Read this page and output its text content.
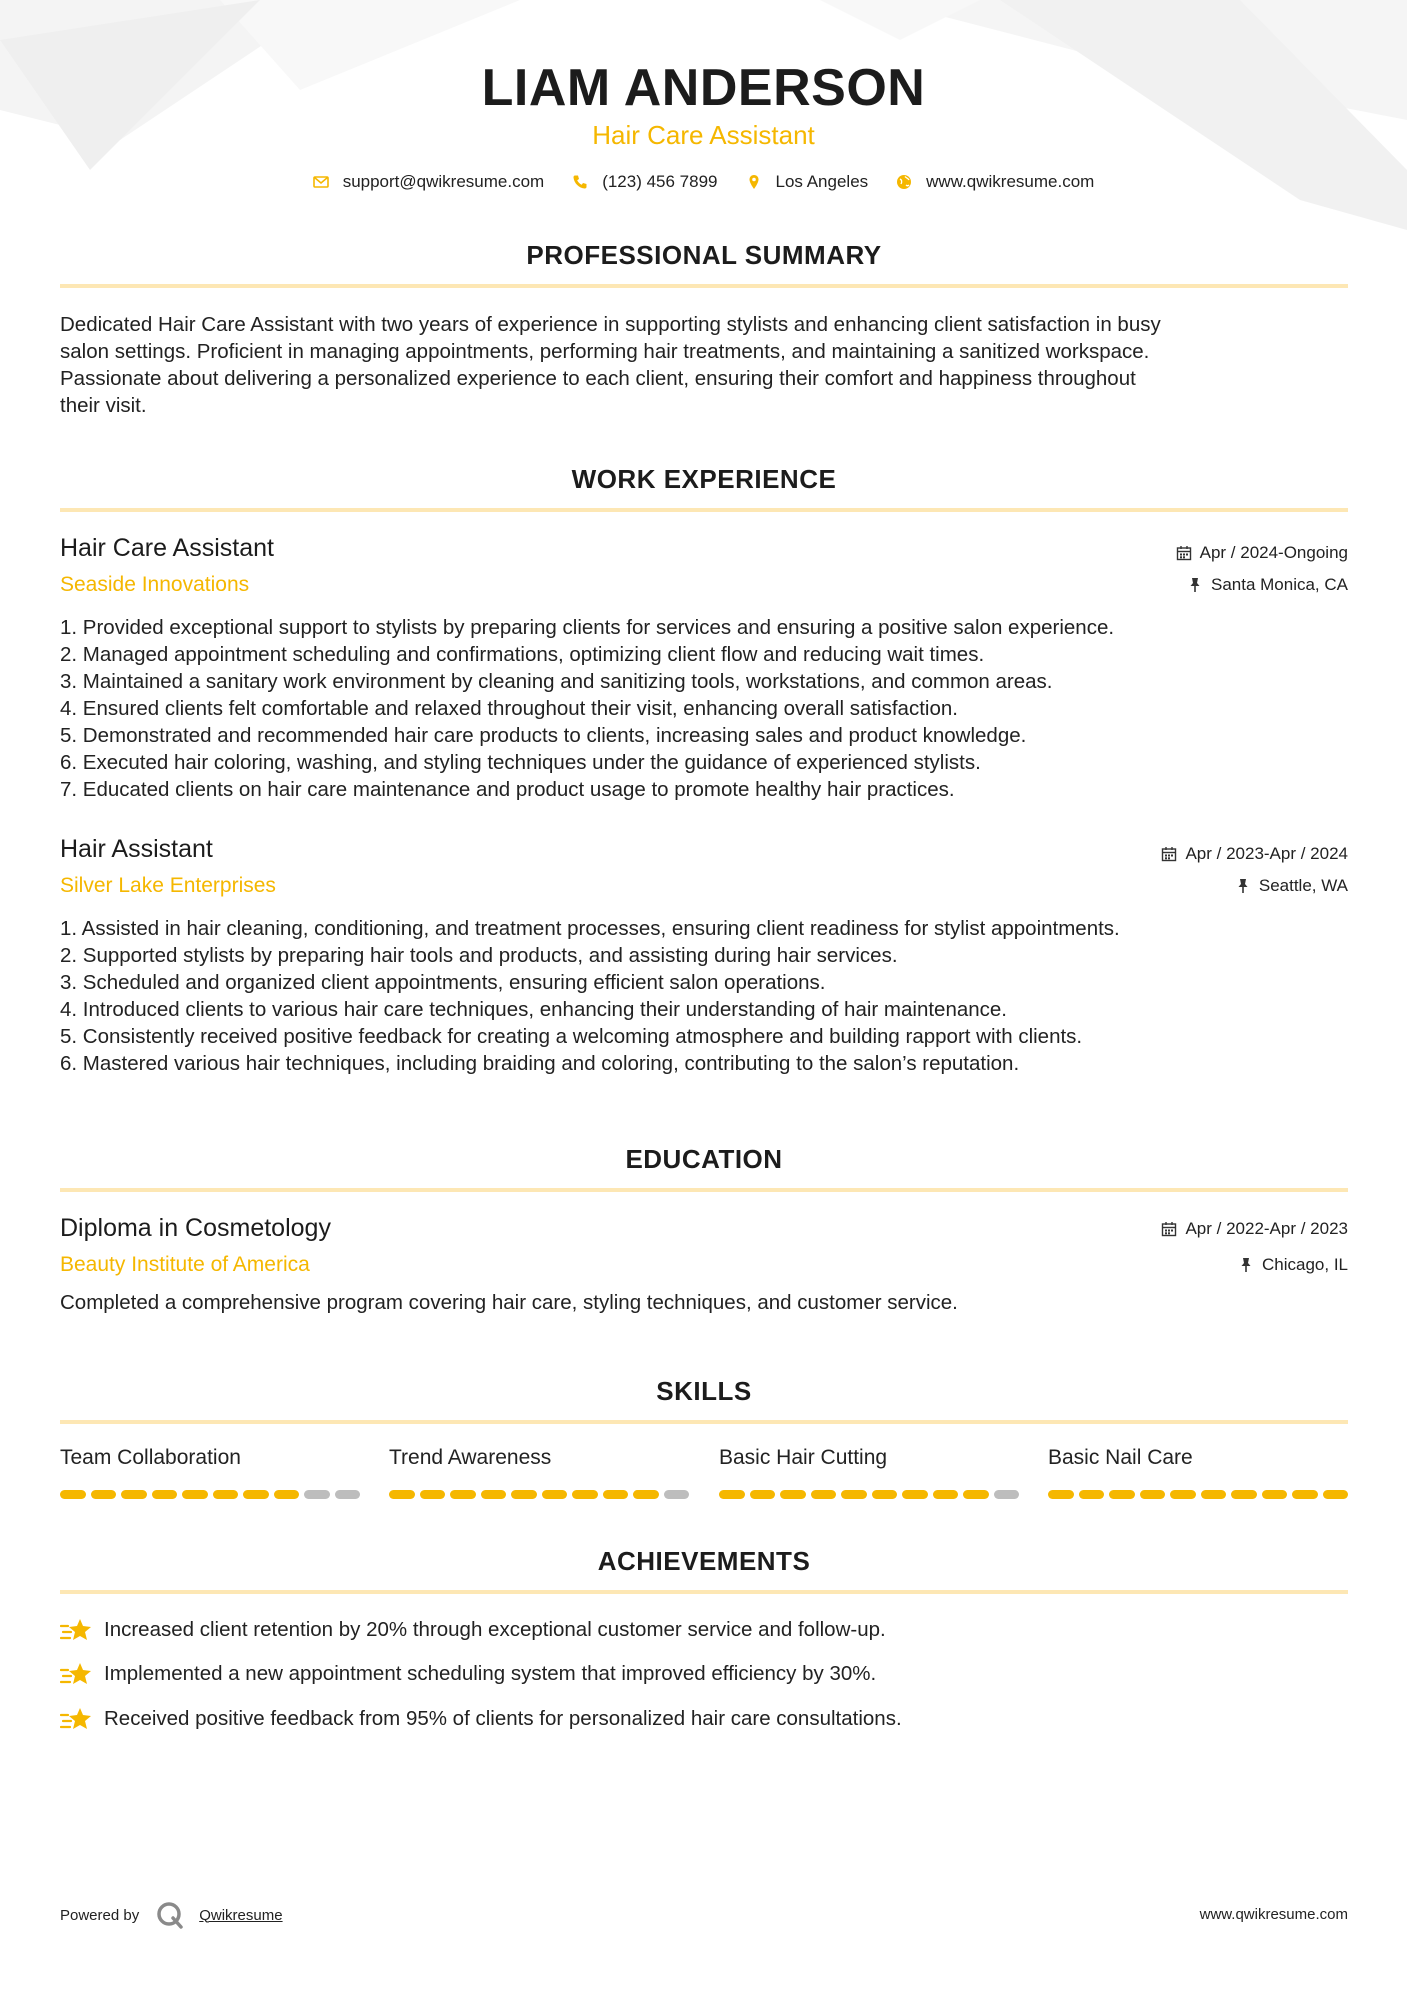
LIAM ANDERSON
Hair Care Assistant
support@qwikresume.com	(123) 456 7899	Los Angeles	www.qwikresume.com
PROFESSIONAL SUMMARY
Dedicated Hair Care Assistant with two years of experience in supporting stylists and enhancing client satisfaction in busy
salon settings. Proficient in managing appointments, performing hair treatments, and maintaining a sanitized workspace.
Passionate about delivering a personalized experience to each client, ensuring their comfort and happiness throughout
their visit.
WORK EXPERIENCE
Hair Care Assistant
Seaside Innovations
Apr / 2024-Ongoing
Santa Monica, CA
1. Provided exceptional support to stylists by preparing clients for services and ensuring a positive salon experience.
2. Managed appointment scheduling and confirmations, optimizing client flow and reducing wait times.
3. Maintained a sanitary work environment by cleaning and sanitizing tools, workstations, and common areas.
4. Ensured clients felt comfortable and relaxed throughout their visit, enhancing overall satisfaction.
5. Demonstrated and recommended hair care products to clients, increasing sales and product knowledge.
6. Executed hair coloring, washing, and styling techniques under the guidance of experienced stylists.
7. Educated clients on hair care maintenance and product usage to promote healthy hair practices.
Hair Assistant
Silver Lake Enterprises
Apr / 2023-Apr / 2024
Seattle, WA
1. Assisted in hair cleaning, conditioning, and treatment processes, ensuring client readiness for stylist appointments.
2. Supported stylists by preparing hair tools and products, and assisting during hair services.
3. Scheduled and organized client appointments, ensuring efficient salon operations.
4. Introduced clients to various hair care techniques, enhancing their understanding of hair maintenance.
5. Consistently received positive feedback for creating a welcoming atmosphere and building rapport with clients.
6. Mastered various hair techniques, including braiding and coloring, contributing to the salon’s reputation.
EDUCATION
Diploma in Cosmetology
Beauty Institute of America
Apr / 2022-Apr / 2023
Chicago, IL
Completed a comprehensive program covering hair care, styling techniques, and customer service.
SKILLS
Team Collaboration	Trend Awareness	Basic Hair Cutting	Basic Nail Care
ACHIEVEMENTS
Increased client retention by 20% through exceptional customer service and follow-up.
Implemented a new appointment scheduling system that improved efficiency by 30%.
Received positive feedback from 95% of clients for personalized hair care consultations.
Powered by	Qwikresume	www.qwikresume.com
